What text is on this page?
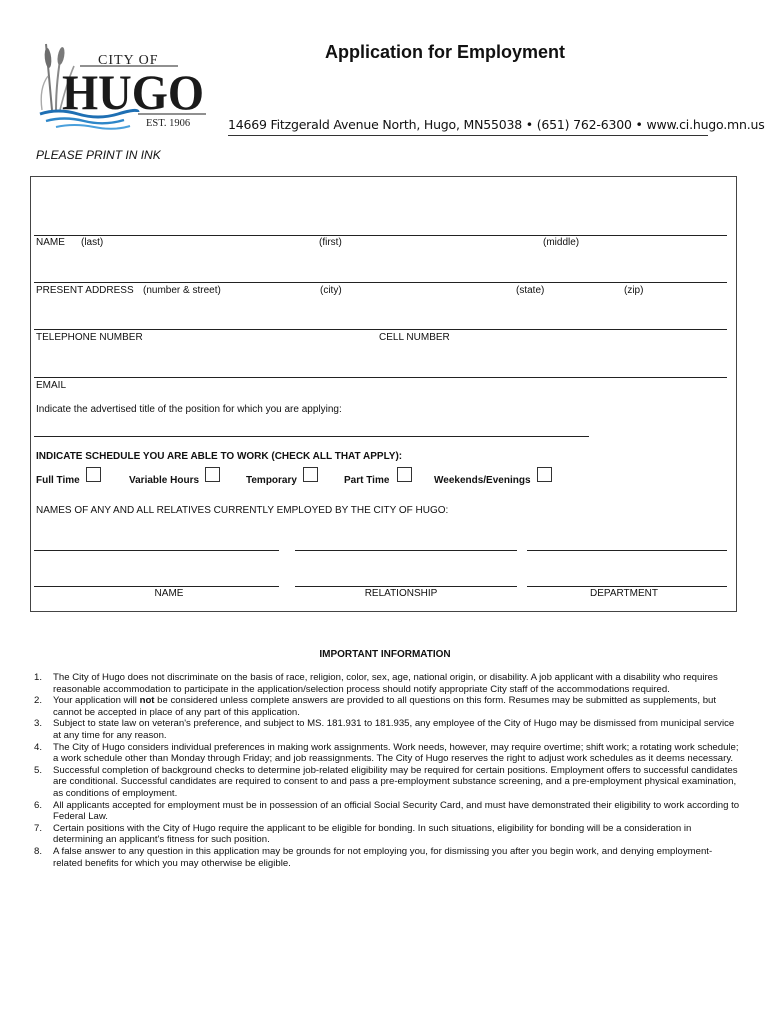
CITY OF
HUGO
EST. 1906
Application for Employment
14669 Fitzgerald Avenue North, Hugo, MN55038 • (651) 762-6300 • www.ci.hugo.mn.us
PLEASE PRINT IN INK
NAME (last)	(first)	(middle)
PRESENT ADDRESS (number & street)	(city)	(state)	(zip)
TELEPHONE NUMBER	CELL NUMBER
EMAIL
Indicate the advertised title of the position for which you are applying:
INDICATE SCHEDULE YOU ARE ABLE TO WORK (CHECK ALL THAT APPLY):
Full Time	Variable Hours	Temporary	Part Time	Weekends/Evenings
NAMES OF ANY AND ALL RELATIVES CURRENTLY EMPLOYED BY THE CITY OF HUGO:
NAME	RELATIONSHIP	DEPARTMENT
IMPORTANT INFORMATION
1. The City of Hugo does not discriminate on the basis of race, religion, color, sex, age, national origin, or disability. A job applicant with a disability who requires reasonable accommodation to participate in the application/selection process should notify appropriate City staff of the accommodations required.
2. Your application will not be considered unless complete answers are provided to all questions on this form. Resumes may be submitted as supplements, but cannot be accepted in place of any part of this application.
3. Subject to state law on veteran's preference, and subject to MS. 181.931 to 181.935, any employee of the City of Hugo may be dismissed from municipal service at any time for any reason.
4. The City of Hugo considers individual preferences in making work assignments. Work needs, however, may require overtime; shift work; a rotating work schedule; a work schedule other than Monday through Friday; and job reassignments. The City of Hugo reserves the right to adjust work schedules as it deems necessary.
5. Successful completion of background checks to determine job-related eligibility may be required for certain positions. Employment offers to successful candidates are conditional. Successful candidates are required to consent to and pass a pre-employment substance screening, and a pre-employment physical examination, as conditions of employment.
6. All applicants accepted for employment must be in possession of an official Social Security Card, and must have demonstrated their eligibility to work according to Federal Law.
7. Certain positions with the City of Hugo require the applicant to be eligible for bonding. In such situations, eligibility for bonding will be a consideration in determining an applicant's fitness for such position.
8. A false answer to any question in this application may be grounds for not employing you, for dismissing you after you begin work, and denying employment-related benefits for which you may otherwise be eligible.
